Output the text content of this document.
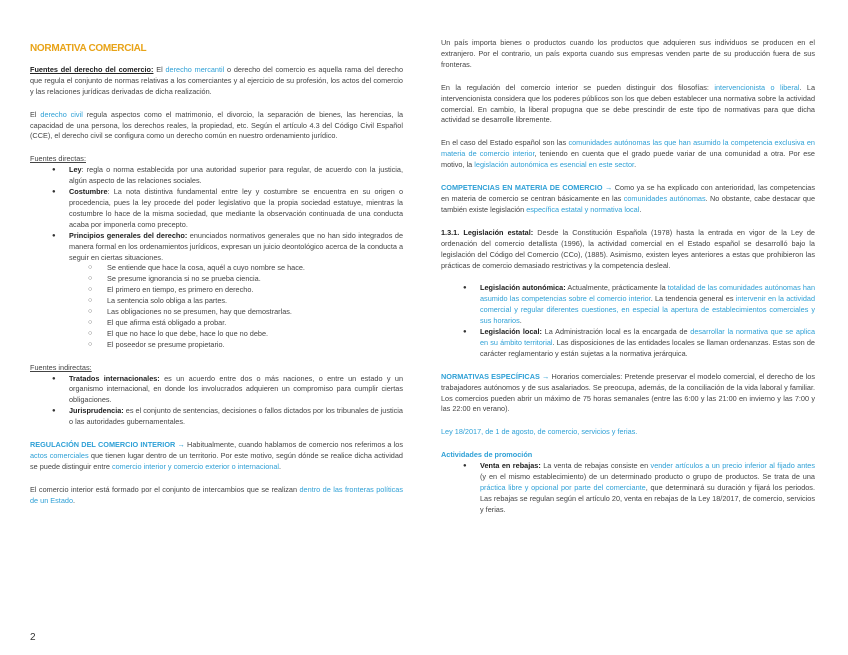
NORMATIVA COMERCIAL

Fuentes del derecho del comercio: El derecho mercantil o derecho del comercio es aquella rama del derecho que regula el conjunto de normas relativas a los comerciantes y al ejercicio de su profesión, los actos del comercio y las relaciones jurídicas derivadas de dicha realización.

El derecho civil regula aspectos como el matrimonio, el divorcio, la separación de bienes, las herencias, la capacidad de una persona, los derechos reales, la propiedad, etc. Según el artículo 4.3 del Código Civil Español (CCE), el derecho civil se configura como un derecho común en nuestro ordenamiento jurídico.

Fuentes directas:
● Ley: regla o norma establecida por una autoridad superior para regular, de acuerdo con la justicia, algún aspecto de las relaciones sociales.
● Costumbre: La nota distintiva fundamental entre ley y costumbre se encuentra en su origen o procedencia, pues la ley procede del poder legislativo que la propia sociedad estatuye, mientras la costumbre lo hace de la misma sociedad, que mediante la observación continuada de una conducta acaba por imponerla como precepto.
● Principios generales del derecho: enunciados normativos generales que no han sido integrados de manera formal en los ordenamientos jurídicos, expresan un juicio deontológico acerca de la conducta a seguir en ciertas situaciones.
○ Se entiende que hace la cosa, aquél a cuyo nombre se hace.
○ Se presume ignorancia si no se prueba ciencia.
○ El primero en tiempo, es primero en derecho.
○ La sentencia solo obliga a las partes.
○ Las obligaciones no se presumen, hay que demostrarlas.
○ El que afirma está obligado a probar.
○ El que no hace lo que debe, hace lo que no debe.
○ El poseedor se presume propietario.
Fuentes indirectas:
● Tratados internacionales: es un acuerdo entre dos o más naciones, o entre un estado y un organismo internacional, en donde los involucrados adquieren un compromiso para cumplir ciertas obligaciones.
● Jurisprudencia: es el conjunto de sentencias, decisiones o fallos dictados por los tribunales de justicia o las autoridades gubernamentales.

REGULACIÓN DEL COMERCIO INTERIOR → Habitualmente, cuando hablamos de comercio nos referimos a los actos comerciales que tienen lugar dentro de un territorio. Por este motivo, según dónde se realice dicha actividad se puede distinguir entre comercio interior y comercio exterior o internacional.

El comercio interior está formado por el conjunto de intercambios que se realizan dentro de las fronteras políticas de un Estado.

Un país importa bienes o productos cuando los productos que adquieren sus individuos se producen en el extranjero. Por el contrario, un país exporta cuando sus empresas venden parte de su producción fuera de sus fronteras.

En la regulación del comercio interior se pueden distinguir dos filosofías: intervencionista o liberal. La intervencionista considera que los poderes públicos son los que deben establecer una normativa sobre la actividad comercial. En cambio, la liberal propugna que se debe prescindir de este tipo de normativas para que dicha actividad se desarrolle libremente.

En el caso del Estado español son las comunidades autónomas las que han asumido la competencia exclusiva en materia de comercio interior, teniendo en cuenta que el grado puede variar de una comunidad a otra. Por ese motivo, la legislación autonómica es esencial en este sector.

COMPETENCIAS EN MATERIA DE COMERCIO → Como ya se ha explicado con anterioridad, las competencias en materia de comercio se centran básicamente en las comunidades autónomas. No obstante, cabe destacar que también existe legislación específica estatal y normativa local.

1.3.1. Legislación estatal: Desde la Constitución Española (1978) hasta la entrada en vigor de la Ley de ordenación del comercio detallista (1996), la actividad comercial en el Estado español se desarrolló bajo la legislación del Código del Comercio (CCo), (1885). Asimismo, existen leyes anteriores a estas que prohibieron las prácticas de comercio demasiado restrictivas y la competencia desleal.

● Legislación autonómica: Actualmente, prácticamente la totalidad de las comunidades autónomas han asumido las competencias sobre el comercio interior. La tendencia general es intervenir en la actividad comercial y regular diferentes cuestiones, en especial la apertura de establecimientos comerciales y sus horarios.
● Legislación local: La Administración local es la encargada de desarrollar la normativa que se aplica en su ámbito territorial. Las disposiciones de las entidades locales se llaman ordenanzas. Estas son de carácter reglamentario y están sujetas a la normativa jerárquica.

NORMATIVAS ESPECÍFICAS → Horarios comerciales: Pretende preservar el modelo comercial, el derecho de los trabajadores autónomos y de sus asalariados. Se preocupa, además, de la conciliación de la vida laboral y familiar. Los comercios pueden abrir un máximo de 75 horas semanales (entre las 6:00 y las 21:00 en invierno y las 7:00 y las 22:00 en verano).

Ley 18/2017, de 1 de agosto, de comercio, servicios y ferias.

Actividades de promoción
● Venta en rebajas: La venta de rebajas consiste en vender artículos a un precio inferior al fijado antes (y en el mismo establecimiento) de un determinado producto o grupo de productos. Se trata de una práctica libre y opcional por parte del comerciante, que determinará su duración y fijará los periodos. Las rebajas se regulan según el artículo 20, venta en rebajas de la Ley 18/2017, de comercio, servicios y ferias.
2
